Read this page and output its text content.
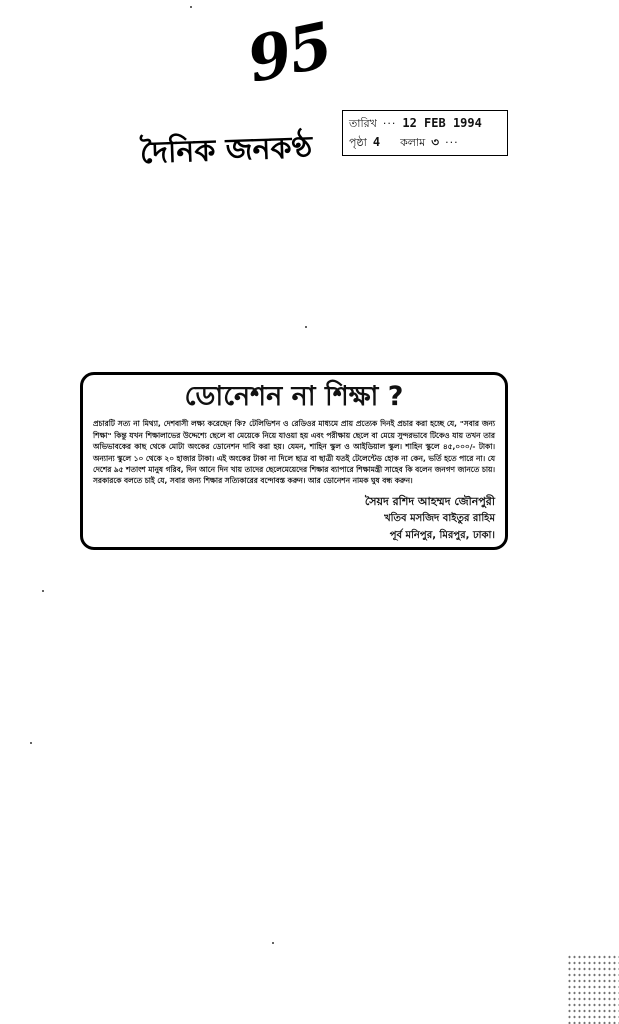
95
দৈনিক জনকণ্ঠ
তারিখ ··· 12 FEB 1994
পৃষ্ঠা 4 কলাম ৩ ···
ডোনেশন না শিক্ষা ?

প্রচারটি সত্য না মিথ্যা, দেশবাসী লক্ষ্য করেছেন কি? টেলিভিশন ও রেডিওর মাধ্যমে প্রায় প্রত্যেক দিনই প্রচার করা হচ্ছে যে, "সবার জন্য শিক্ষা" কিন্তু যখন শিক্ষালাভের উদ্দেশ্যে ছেলে বা মেয়েকে নিয়ে যাওয়া হয় এবং পরীক্ষায় ছেলে বা মেয়ে সুন্দরভাবে টিকেও যায় তখন তার অভিভাবকের কাছ থেকে মোটা অংকের ডোনেশন দাবি করা হয়। যেমন, শাহিন স্কুল ও আইডিয়াল স্কুল। শাহিন স্কুলে ৪৫,০০০/- টাকা। অন্যান্য স্কুলে ১০ থেকে ২০ হাজার টাকা। এই অংকের টাকা না দিলে ছাত্র বা ছাত্রী যতই টেলেন্টেড হোক না কেন, ভর্তি হতে পারে না। যে দেশের ৯৫ শতাংশ মানুষ গরিব, দিন আনে দিন খায় তাদের ছেলেমেয়েদের শিক্ষার ব্যাপারে শিক্ষামন্ত্রী সাহেব কি বলেন জনগণ জানতে চায়। সরকারকে বলতে চাই যে, সবার জন্য শিক্ষার সত্যিকারের বন্দোবস্ত করুন। আর ডোনেশন নামক ঘুষ বন্ধ করুন।

সৈয়দ রশিদ আহম্মদ জৌনপুরী
খতিব মসজিদ বাইতুর রাহিম
পূর্ব মনিপুর, মিরপুর, ঢাকা।
